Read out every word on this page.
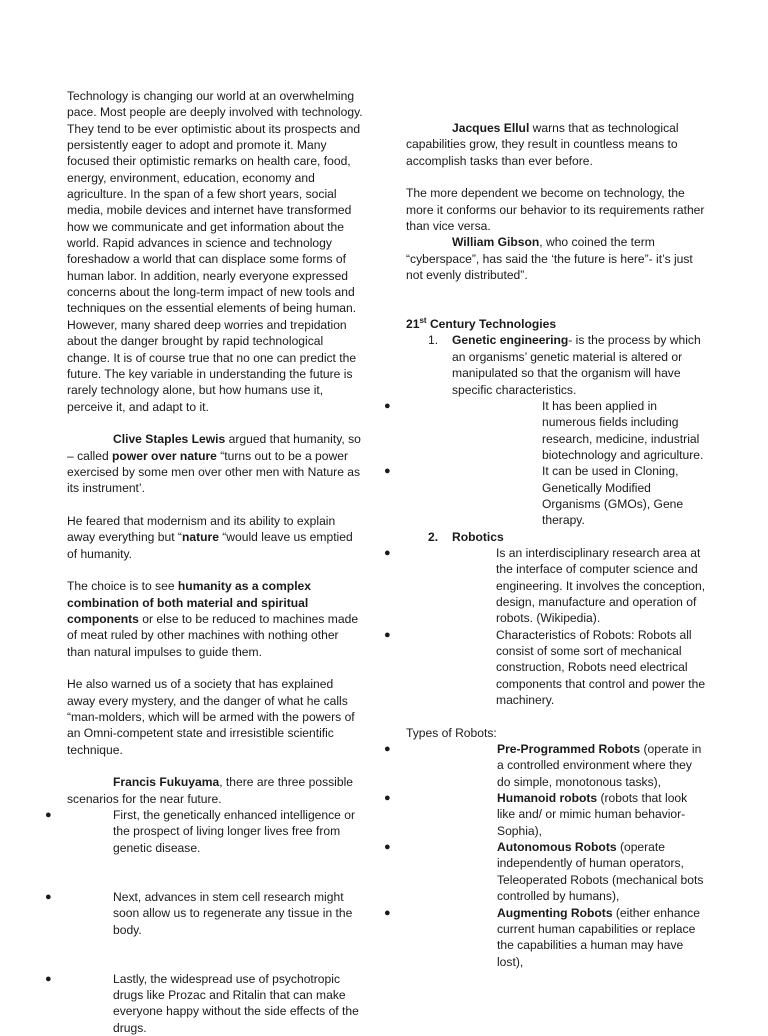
Technology is changing our world at an overwhelming pace. Most people are deeply involved with technology. They tend to be ever optimistic about its prospects and persistently eager to adopt and promote it. Many focused their optimistic remarks on health care, food, energy, environment, education, economy and agriculture. In the span of a few short years, social media, mobile devices and internet have transformed how we communicate and get information about the world. Rapid advances in science and technology foreshadow a world that can displace some forms of human labor. In addition, nearly everyone expressed concerns about the long-term impact of new tools and techniques on the essential elements of being human. However, many shared deep worries and trepidation about the danger brought by rapid technological change. It is of course true that no one can predict the future. The key variable in understanding the future is rarely technology alone, but how humans use it, perceive it, and adapt to it.

Clive Staples Lewis argued that humanity, so – called power over nature “turns out to be a power exercised by some men over other men with Nature as its instrument’.

He feared that modernism and its ability to explain away everything but “nature “would leave us emptied of humanity.

The choice is to see humanity as a complex combination of both material and spiritual components or else to be reduced to machines made of meat ruled by other machines with nothing other than natural impulses to guide them.

He also warned us of a society that has explained away every mystery, and the danger of what he calls “man-molders, which will be armed with the powers of an Omni-competent state and irresistible scientific technique.

Francis Fukuyama, there are three possible scenarios for the near future.

●	First, the genetically enhanced intelligence or the prospect of living longer lives free from genetic disease.
●	Next, advances in stem cell research might soon allow us to regenerate any tissue in the body.
●	Lastly, the widespread use of psychotropic drugs like Prozac and Ritalin that can make everyone happy without the side effects of the drugs.

Jacques Ellul warns that as technological capabilities grow, they result in countless means to accomplish tasks than ever before.

The more dependent we become on technology, the more it conforms our behavior to its requirements rather than vice versa.

William Gibson, who coined the term “cyberspace”, has said the ‘the future is here”- it’s just not evenly distributed”.

21st Century Technologies

1. Genetic engineering- is the process by which an organisms’ genetic material is altered or manipulated so that the organism will have specific characteristics.
●	It has been applied in numerous fields including research, medicine, industrial biotechnology and agriculture.
●	It can be used in Cloning, Genetically Modified Organisms (GMOs), Gene therapy.
2. Robotics
●	Is an interdisciplinary research area at the interface of computer science and engineering. It involves the conception, design, manufacture and operation of robots. (Wikipedia).
●	Characteristics of Robots: Robots all consist of some sort of mechanical construction, Robots need electrical components that control and power the machinery.

Types of Robots:

●	Pre-Programmed Robots (operate in a controlled environment where they do simple, monotonous tasks),
●	Humanoid robots (robots that look like and/ or mimic human behavior- Sophia),
●	Autonomous Robots (operate independently of human operators, Teleoperated Robots (mechanical bots controlled by humans),
●	Augmenting Robots (either enhance current human capabilities or replace the capabilities a human may have lost),
